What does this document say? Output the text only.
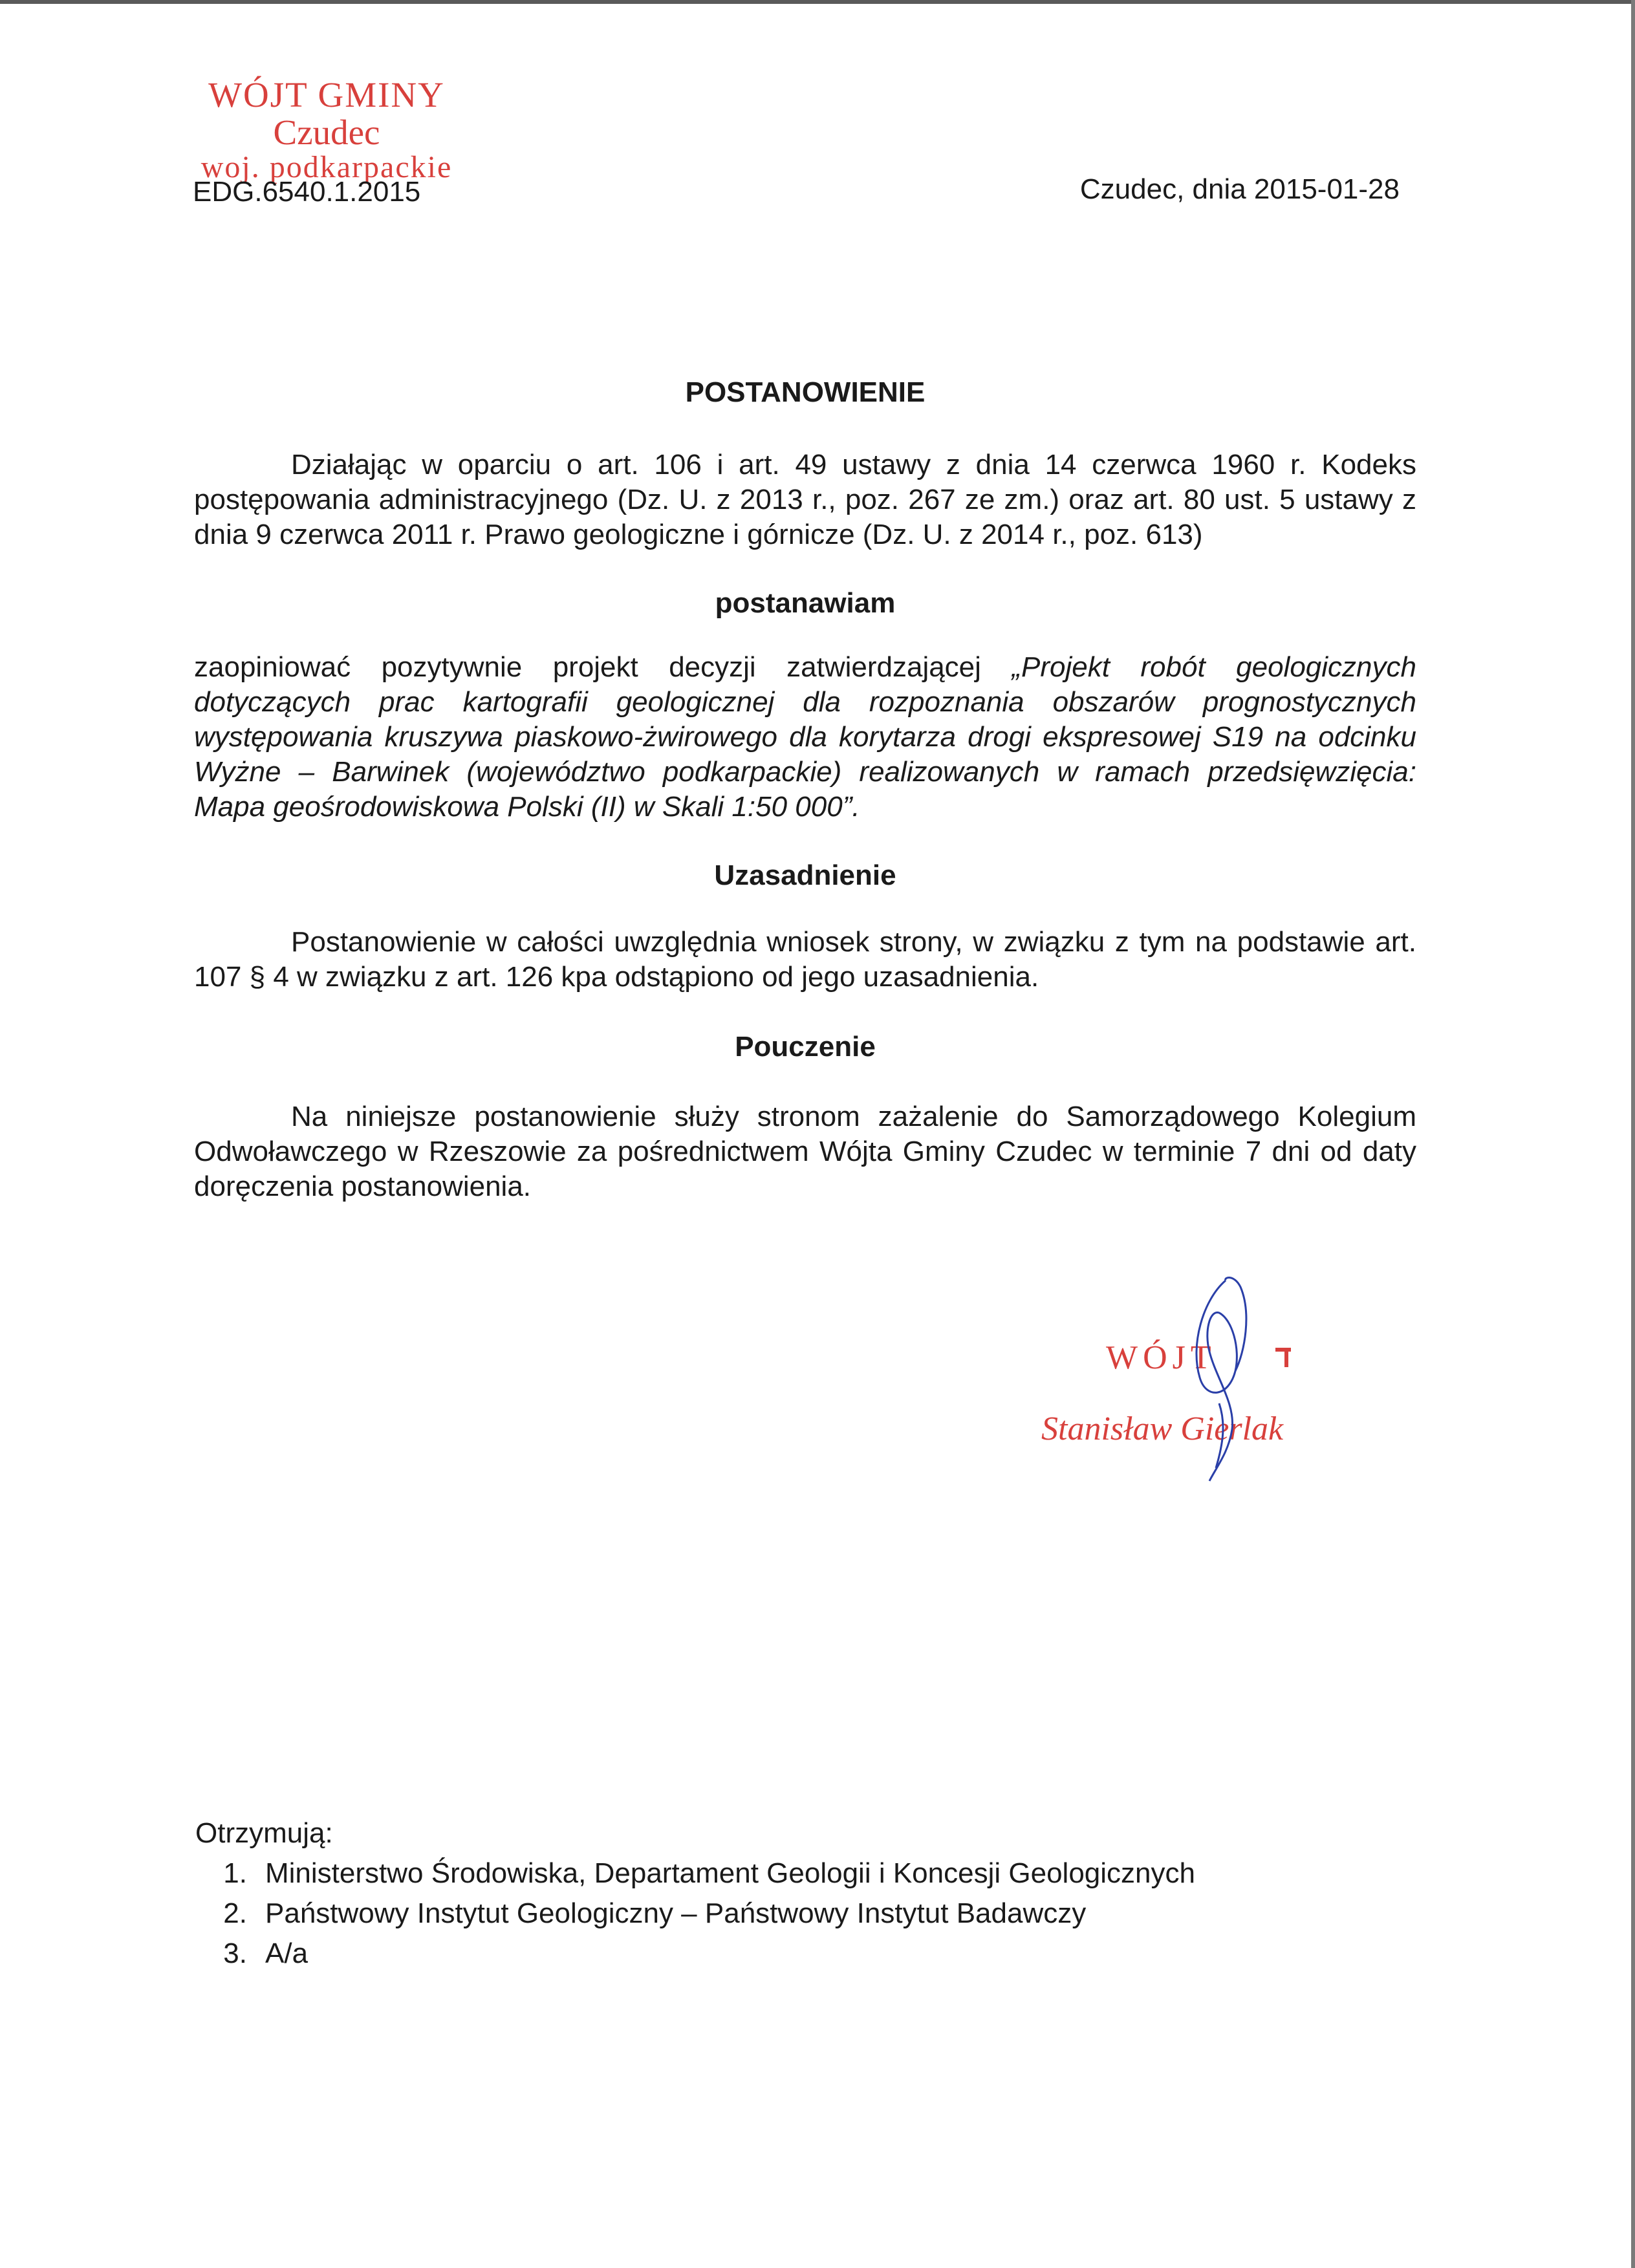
WÓJT GMINY
Czudec
woj. podkarpackie
EDG.6540.1.2015	Czudec, dnia 2015-01-28
POSTANOWIENIE
Działając w oparciu o art. 106 i art. 49 ustawy z dnia 14 czerwca 1960 r. Kodeks postępowania administracyjnego (Dz. U. z 2013 r., poz. 267 ze zm.) oraz art. 80 ust. 5 ustawy z dnia 9 czerwca 2011 r. Prawo geologiczne i górnicze (Dz. U. z 2014 r., poz. 613)
postanawiam
zaopiniować pozytywnie projekt decyzji zatwierdzającej „Projekt robót geologicznych dotyczących prac kartografii geologicznej dla rozpoznania obszarów prognostycznych występowania kruszywa piaskowo-żwirowego dla korytarza drogi ekspresowej S19 na odcinku Wyżne – Barwinek (województwo podkarpackie) realizowanych w ramach przedsięwzięcia: Mapa geośrodowiskowa Polski (II) w Skali 1:50 000”.
Uzasadnienie
Postanowienie w całości uwzględnia wniosek strony, w związku z tym na podstawie art. 107 § 4 w związku z art. 126 kpa odstąpiono od jego uzasadnienia.
Pouczenie
Na niniejsze postanowienie służy stronom zażalenie do Samorządowego Kolegium Odwoławczego w Rzeszowie za pośrednictwem Wójta Gminy Czudec w terminie 7 dni od daty doręczenia postanowienia.
WÓJT
Stanisław Gierlak
Otrzymują:
1. Ministerstwo Środowiska, Departament Geologii i Koncesji Geologicznych
2. Państwowy Instytut Geologiczny – Państwowy Instytut Badawczy
3. A/a
